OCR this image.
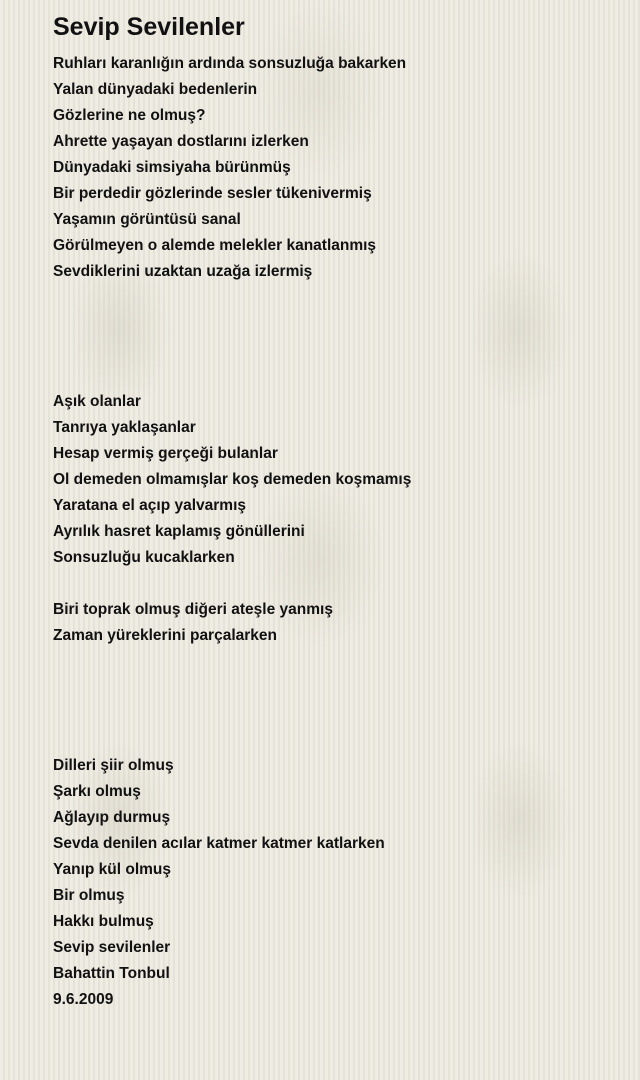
Sevip Sevilenler
Ruhları karanlığın ardında sonsuzluğa bakarken
Yalan dünyadaki bedenlerin
Gözlerine ne olmuş?
Ahrette yaşayan dostlarını izlerken
Dünyadaki simsiyaha bürünmüş
Bir perdedir gözlerinde sesler tükenivermiş
Yaşamın görüntüsü sanal
Görülmeyen o alemde melekler kanatlanmış
Sevdiklerini uzaktan uzağa izlermiş
Aşık olanlar
Tanrıya yaklaşanlar
Hesap vermiş gerçeği bulanlar
Ol demeden olmamışlar koş demeden koşmamış
Yaratana el açıp yalvarmış
Ayrılık hasret kaplamış gönüllerini
Sonsuzluğu kucaklarken
Biri toprak olmuş diğeri ateşle yanmış
Zaman yüreklerini parçalarken
Dilleri şiir olmuş
Şarkı olmuş
Ağlayıp durmuş
Sevda denilen acılar katmer katmer katlarken
Yanıp kül olmuş
Bir olmuş
Hakkı bulmuş
Sevip sevilenler
Bahattin Tonbul
9.6.2009
